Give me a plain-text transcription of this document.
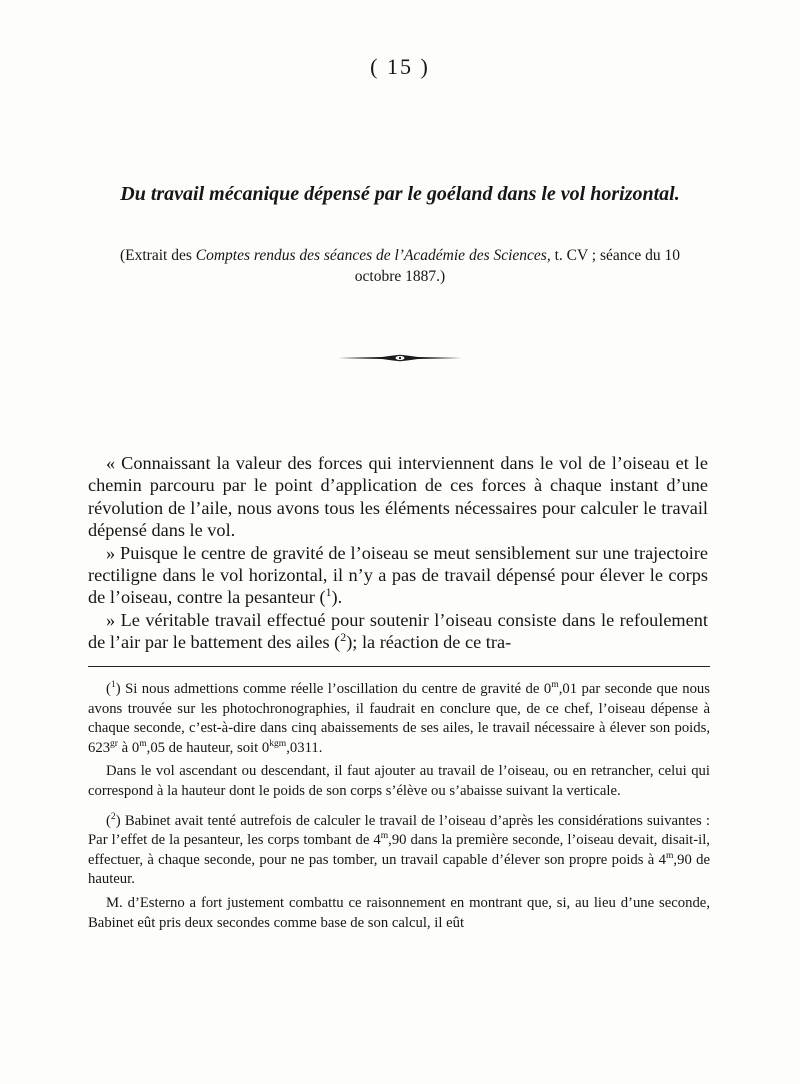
( 15 )
Du travail mécanique dépensé par le goéland dans le vol horizontal.
(Extrait des Comptes rendus des séances de l’Académie des Sciences, t. CV ; séance du 10 octobre 1887.)

« Connaissant la valeur des forces qui interviennent dans le vol de l’oiseau et le chemin parcouru par le point d’application de ces forces à chaque instant d’une révolution de l’aile, nous avons tous les éléments nécessaires pour calculer le travail dépensé dans le vol.

» Puisque le centre de gravité de l’oiseau se meut sensiblement sur une trajectoire rectiligne dans le vol horizontal, il n’y a pas de travail dépensé pour élever le corps de l’oiseau, contre la pesanteur ($^1$).

» Le véritable travail effectué pour soutenir l’oiseau consiste dans le refoulement de l’air par le battement des ailes ($^2$); la réaction de ce tra-

($^1$) Si nous admettions comme réelle l’oscillation du centre de gravité de 0$^m$,01 par seconde que nous avons trouvée sur les photochronographies, il faudrait en conclure que, de ce chef, l’oiseau dépense à chaque seconde, c’est-à-dire dans cinq abaissements de ses ailes, le travail nécessaire à élever son poids, $623^{gr}$ à 0$^m$,05 de hauteur, soit $0^{kgm},0311$.

Dans le vol ascendant ou descendant, il faut ajouter au travail de l’oiseau, ou en retrancher, celui qui correspond à la hauteur dont le poids de son corps s’élève ou s’abaisse suivant la verticale.

($^2$) Babinet avait tenté autrefois de calculer le travail de l’oiseau d’après les considérations suivantes : Par l’effet de la pesanteur, les corps tombant de 4$^m$,90 dans la première seconde, l’oiseau devait, disait-il, effectuer, à chaque seconde, pour ne pas tomber, un travail capable d’élever son propre poids à 4$^m$,90 de hauteur.

M. d’Esterno a fort justement combattu ce raisonnement en montrant que, si, au lieu d’une seconde, Babinet eût pris deux secondes comme base de son calcul, il eût
